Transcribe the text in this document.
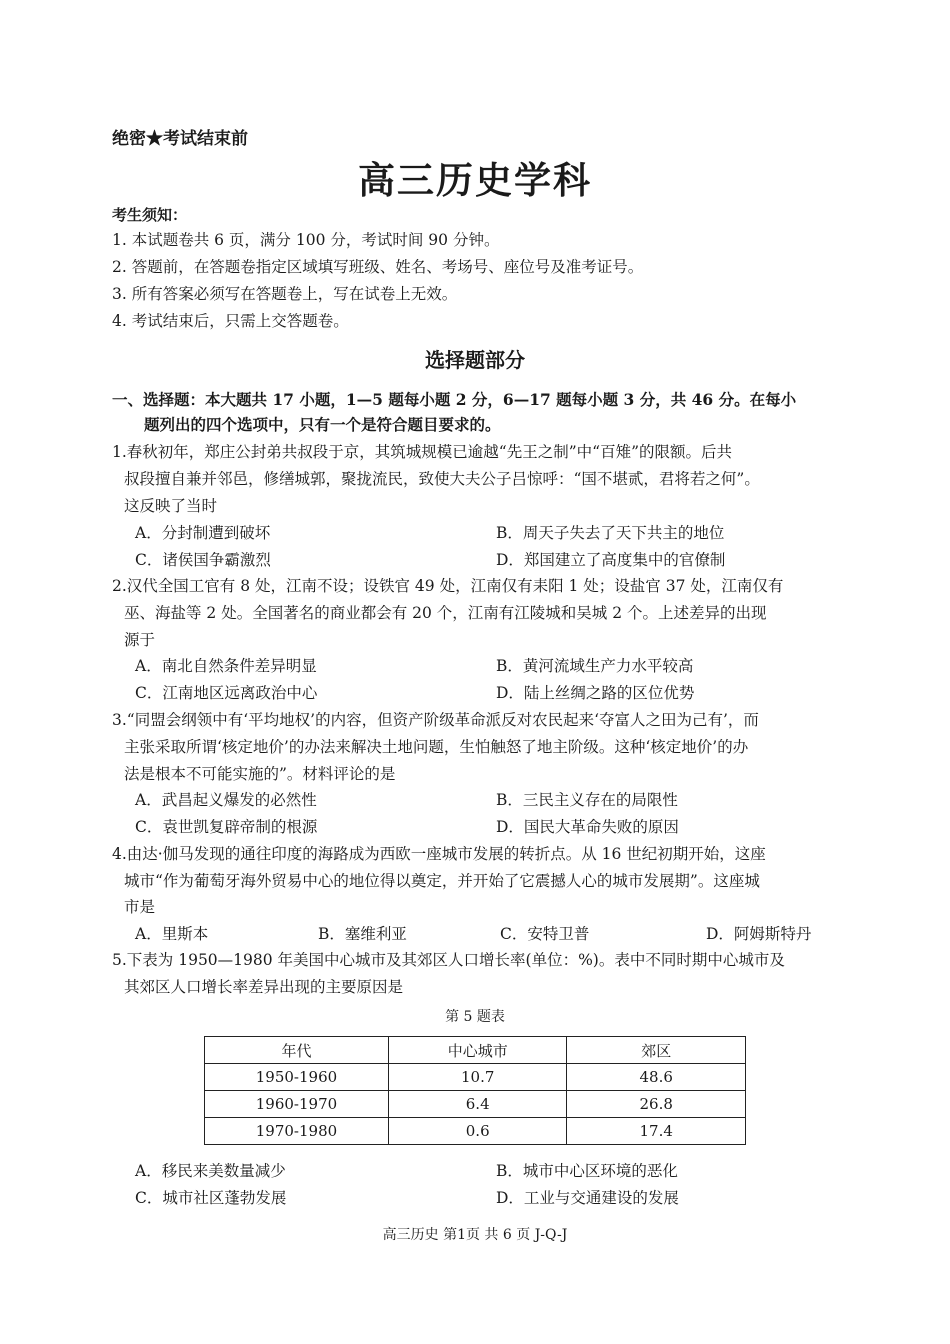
绝密★考试结束前
高三历史学科
考生须知：
1. 本试题卷共 6 页，满分 100 分，考试时间 90 分钟。
2. 答题前，在答题卷指定区域填写班级、姓名、考场号、座位号及准考证号。
3. 所有答案必须写在答题卷上，写在试卷上无效。
4. 考试结束后，只需上交答题卷。
选择题部分
一、选择题：本大题共 17 小题，1—5 题每小题 2 分，6—17 题每小题 3 分，共 46 分。在每小
题列出的四个选项中，只有一个是符合题目要求的。
1.春秋初年，郑庄公封弟共叔段于京，其筑城规模已逾越“先王之制”中“百雉”的限额。后共
叔段擅自兼并邻邑，修缮城郭，聚拢流民，致使大夫公子吕惊呼：“国不堪贰，君将若之何”。
这反映了当时
A．分封制遭到破坏	B．周天子失去了天下共主的地位
C．诸侯国争霸激烈	D．郑国建立了高度集中的官僚制
2.汉代全国工官有 8 处，江南不设；设铁官 49 处，江南仅有耒阳 1 处；设盐官 37 处，江南仅有
巫、海盐等 2 处。全国著名的商业都会有 20 个，江南有江陵城和吴城 2 个。上述差异的出现
源于
A．南北自然条件差异明显	B．黄河流域生产力水平较高
C．江南地区远离政治中心	D．陆上丝绸之路的区位优势
3.“同盟会纲领中有‘平均地权’的内容，但资产阶级革命派反对农民起来‘夺富人之田为己有’，而
主张采取所谓‘核定地价’的办法来解决土地问题，生怕触怒了地主阶级。这种‘核定地价’的办
法是根本不可能实施的”。材料评论的是
A．武昌起义爆发的必然性	B．三民主义存在的局限性
C．袁世凯复辟帝制的根源	D．国民大革命失败的原因
4.由达·伽马发现的通往印度的海路成为西欧一座城市发展的转折点。从 16 世纪初期开始，这座
城市“作为葡萄牙海外贸易中心的地位得以奠定，并开始了它震撼人心的城市发展期”。这座城
市是
A．里斯本	B．塞维利亚	C．安特卫普	D．阿姆斯特丹
5.下表为 1950—1980 年美国中心城市及其郊区人口增长率(单位：%)。表中不同时期中心城市及
其郊区人口增长率差异出现的主要原因是
第 5 题表
年代	中心城市	郊区
1950-1960	10.7	48.6
1960-1970	6.4	26.8
1970-1980	0.6	17.4
A．移民来美数量减少	B．城市中心区环境的恶化
C．城市社区蓬勃发展	D．工业与交通建设的发展
高三历史 第1页 共 6 页 J-Q-J
